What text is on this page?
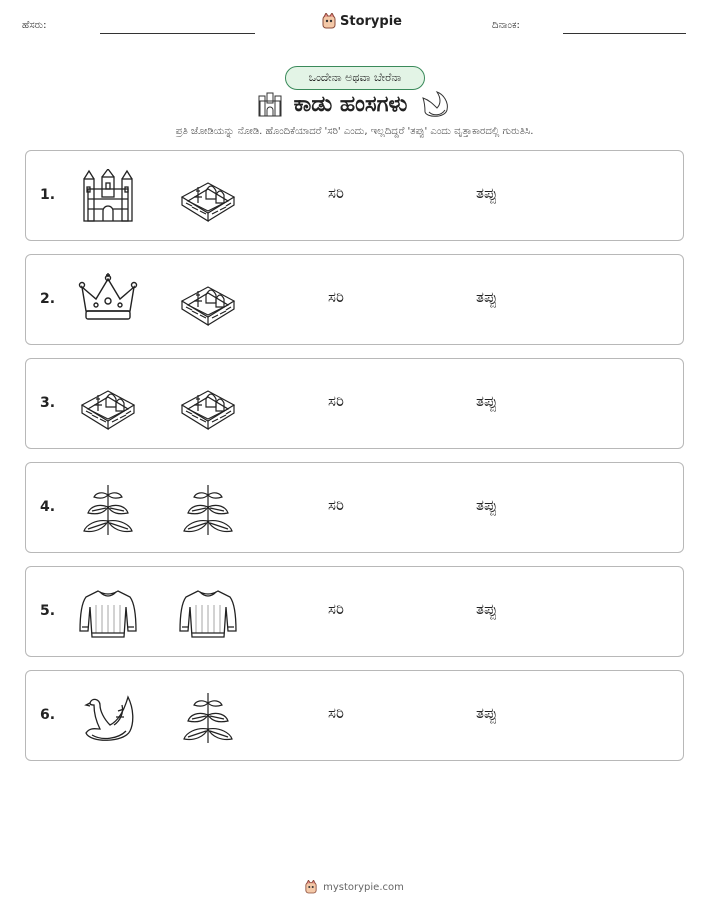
ಹೆಸರು:	Storypie	ದಿನಾಂಕ:
ಒಂದೇನಾ ಅಥವಾ ಬೇರೆನಾ
ಕಾಡು ಹಂಸಗಳು
ಪ್ರತಿ ಜೋಡಿಯನ್ನು ನೋಡಿ. ಹೊಂದಿಕೆಯಾದರೆ 'ಸರಿ' ಎಂದು, ಇಲ್ಲದಿದ್ದರೆ 'ತಪ್ಪು' ಎಂದು ವೃತ್ತಾಕಾರದಲ್ಲಿ ಗುರುತಿಸಿ.
1.	ಸರಿ	ತಪ್ಪು
2.	ಸರಿ	ತಪ್ಪು
3.	ಸರಿ	ತಪ್ಪು
4.	ಸರಿ	ತಪ್ಪು
5.	ಸರಿ	ತಪ್ಪು
6.	ಸರಿ	ತಪ್ಪು
mystorypie.com
